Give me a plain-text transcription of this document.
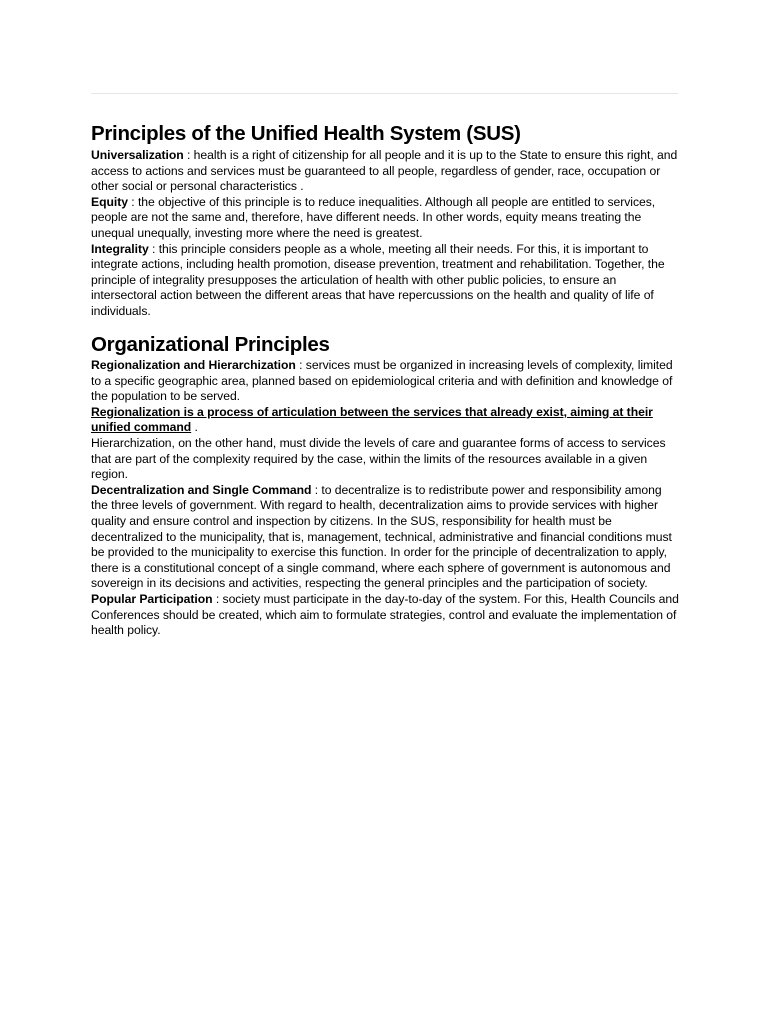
Principles of the Unified Health System (SUS)

Universalization : health is a right of citizenship for all people and it is up to the State to ensure this right, and access to actions and services must be guaranteed to all people, regardless of gender, race, occupation or other social or personal characteristics .

Equity : the objective of this principle is to reduce inequalities. Although all people are entitled to services, people are not the same and, therefore, have different needs. In other words, equity means treating the unequal unequally, investing more where the need is greatest.

Integrality : this principle considers people as a whole, meeting all their needs. For this, it is important to integrate actions, including health promotion, disease prevention, treatment and rehabilitation. Together, the principle of integrality presupposes the articulation of health with other public policies, to ensure an intersectoral action between the different areas that have repercussions on the health and quality of life of individuals.

Organizational Principles

Regionalization and Hierarchization : services must be organized in increasing levels of complexity, limited to a specific geographic area, planned based on epidemiological criteria and with definition and knowledge of the population to be served.

Regionalization is a process of articulation between the services that already exist, aiming at their unified command .

Hierarchization, on the other hand, must divide the levels of care and guarantee forms of access to services that are part of the complexity required by the case, within the limits of the resources available in a given region.

Decentralization and Single Command : to decentralize is to redistribute power and responsibility among the three levels of government. With regard to health, decentralization aims to provide services with higher quality and ensure control and inspection by citizens. In the SUS, responsibility for health must be decentralized to the municipality, that is, management, technical, administrative and financial conditions must be provided to the municipality to exercise this function. In order for the principle of decentralization to apply, there is a constitutional concept of a single command, where each sphere of government is autonomous and sovereign in its decisions and activities, respecting the general principles and the participation of society.

Popular Participation : society must participate in the day-to-day of the system. For this, Health Councils and Conferences should be created, which aim to formulate strategies, control and evaluate the implementation of health policy.
